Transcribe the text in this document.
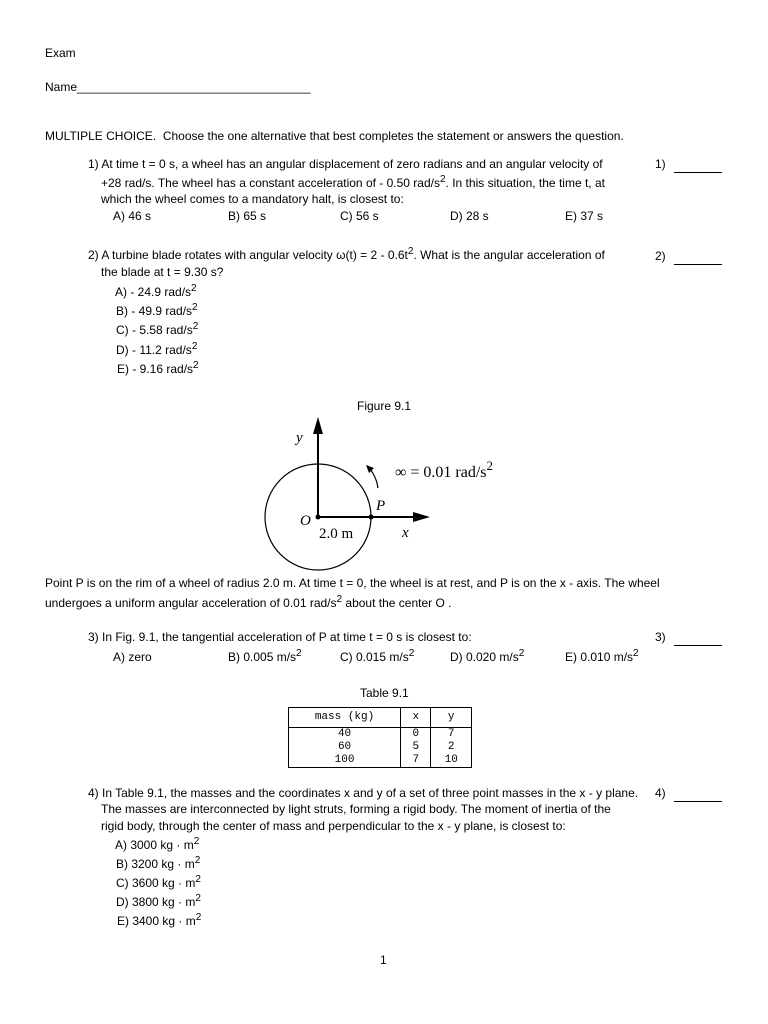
Exam
Name___________________________________
MULTIPLE CHOICE. Choose the one alternative that best completes the statement or answers the question.
1) At time t = 0 s, a wheel has an angular displacement of zero radians and an angular velocity of
+28 rad/s. The wheel has a constant acceleration of - 0.50 rad/$s^2$. In this situation, the time t, at
which the wheel comes to a mandatory halt, is closest to:
A) 46 s	B) 65 s	C) 56 s	D) 28 s	E) 37 s
1)
2) A turbine blade rotates with angular velocity $\omega(t) = 2 - 0.6t^2$. What is the angular acceleration of
the blade at t = 9.30 s?
A) - 24.9 rad/$s^2$
B) - 49.9 rad/$s^2$
C) - 5.58 rad/$s^2$
D) - 11.2 rad/$s^2$
E) - 9.16 rad/$s^2$
2)
Figure 9.1
y
x
O
P
2.0 m
∞ = 0.01 rad/$s^2$
Point P is on the rim of a wheel of radius 2.0 m. At time t = 0, the wheel is at rest, and P is on the x - axis. The wheel
undergoes a uniform angular acceleration of 0.01 rad/$s^2$ about the center O .
3) In Fig. 9.1, the tangential acceleration of P at time t = 0 s is closest to:
A) zero	B) 0.005 $m/s^2$	C) 0.015 $m/s^2$	D) 0.020 $m/s^2$	E) 0.010 $m/s^2$
3)
Table 9.1
mass (kg)	x	y
40	0	7
60	5	2
100	7	10
4) In Table 9.1, the masses and the coordinates x and y of a set of three point masses in the x - y plane.
The masses are interconnected by light struts, forming a rigid body. The moment of inertia of the
rigid body, through the center of mass and perpendicular to the x - y plane, is closest to:
A) 3000 kg · $m^2$
B) 3200 kg · $m^2$
C) 3600 kg · $m^2$
D) 3800 kg · $m^2$
E) 3400 kg · $m^2$
4)
1
